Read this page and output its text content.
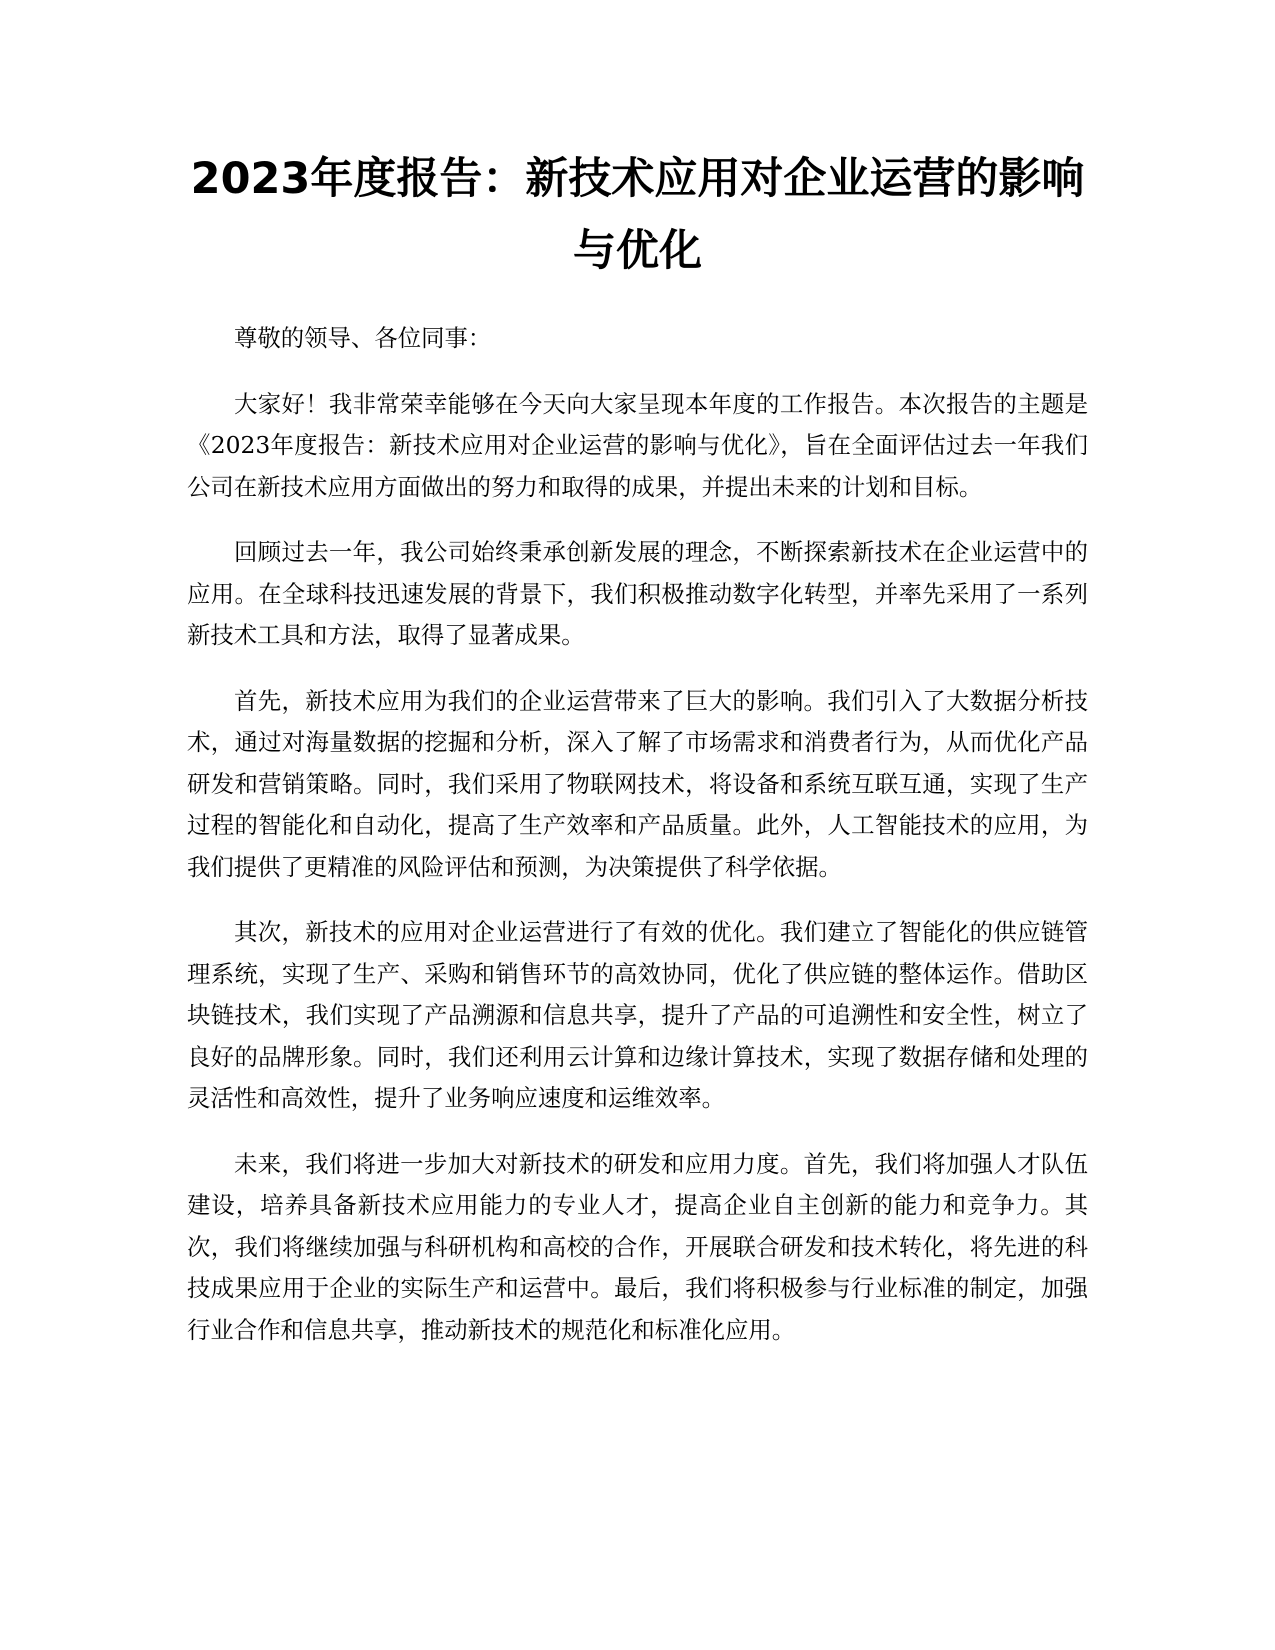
2023年度报告：新技术应用对企业运营的影响与优化

尊敬的领导、各位同事：

大家好！我非常荣幸能够在今天向大家呈现本年度的工作报告。本次报告的主题是《2023年度报告：新技术应用对企业运营的影响与优化》，旨在全面评估过去一年我们公司在新技术应用方面做出的努力和取得的成果，并提出未来的计划和目标。

回顾过去一年，我公司始终秉承创新发展的理念，不断探索新技术在企业运营中的应用。在全球科技迅速发展的背景下，我们积极推动数字化转型，并率先采用了一系列新技术工具和方法，取得了显著成果。

首先，新技术应用为我们的企业运营带来了巨大的影响。我们引入了大数据分析技术，通过对海量数据的挖掘和分析，深入了解了市场需求和消费者行为，从而优化产品研发和营销策略。同时，我们采用了物联网技术，将设备和系统互联互通，实现了生产过程的智能化和自动化，提高了生产效率和产品质量。此外，人工智能技术的应用，为我们提供了更精准的风险评估和预测，为决策提供了科学依据。

其次，新技术的应用对企业运营进行了有效的优化。我们建立了智能化的供应链管理系统，实现了生产、采购和销售环节的高效协同，优化了供应链的整体运作。借助区块链技术，我们实现了产品溯源和信息共享，提升了产品的可追溯性和安全性，树立了良好的品牌形象。同时，我们还利用云计算和边缘计算技术，实现了数据存储和处理的灵活性和高效性，提升了业务响应速度和运维效率。

未来，我们将进一步加大对新技术的研发和应用力度。首先，我们将加强人才队伍建设，培养具备新技术应用能力的专业人才，提高企业自主创新的能力和竞争力。其次，我们将继续加强与科研机构和高校的合作，开展联合研发和技术转化，将先进的科技成果应用于企业的实际生产和运营中。最后，我们将积极参与行业标准的制定，加强行业合作和信息共享，推动新技术的规范化和标准化应用。
